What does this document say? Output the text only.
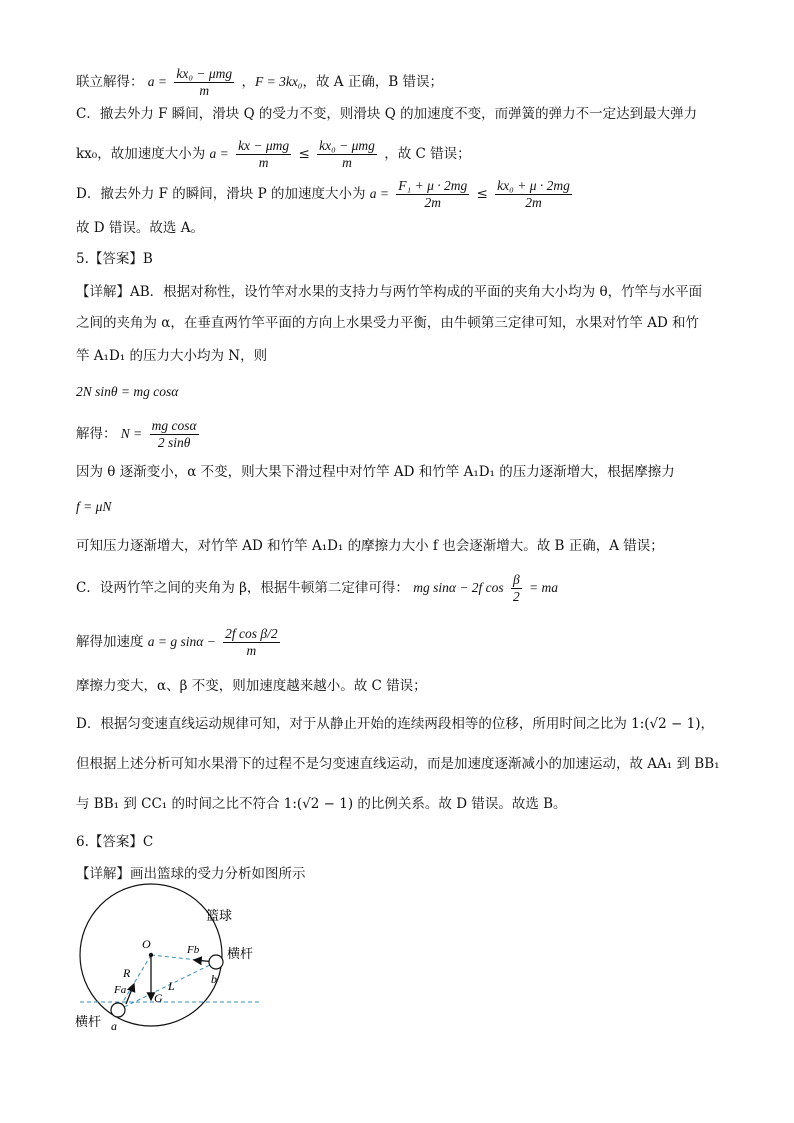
联立解得： $a = \frac{\text{kx₀ − μmg}}{m}$ ，F = 3kx₀，故 A 正确，B 错误；
C．撤去外力 F 瞬间，滑块 Q 的受力不变，则滑块 Q 的加速度不变，而弹簧的弹力不一定达到最大弹力
kx₀，故加速度大小为 $a = \frac{\text{kx − μmg}}{m} \le \frac{\text{kx₀ − μmg}}{m}$ ，故 C 错误；
D．撤去外力 F 的瞬间，滑块 P 的加速度大小为 $a = \frac{\text{F₁ + μ · 2mg}}{2m} \le \frac{\text{kx₀ + μ · 2mg}}{2m}$
故 D 错误。故选 A。
5.【答案】B
【详解】AB．根据对称性，设竹竿对水果的支持力与两竹竿构成的平面的夹角大小均为 θ，竹竿与水平面
之间的夹角为 α，在垂直两竹竿平面的方向上水果受力平衡，由牛顿第三定律可知，水果对竹竿 AD 和竹
竿 A₁D₁ 的压力大小均为 N，则
2N sinθ = mg cosα
解得： $N = \frac{\text{mg cosα}}{2 \sin\theta}$
因为 θ 逐渐变小，α 不变，则大果下滑过程中对竹竿 AD 和竹竿 A₁D₁ 的压力逐渐增大，根据摩擦力
f = μN
可知压力逐渐增大，对竹竿 AD 和竹竿 A₁D₁ 的摩擦力大小 f 也会逐渐增大。故 B 正确，A 错误；
C．设两竹竿之间的夹角为 β，根据牛顿第二定律可得： mg sinα − 2f $\cos \frac{\beta}{2}$ = ma
解得加速度 a = g $\sin\alpha - \frac{\text{2f cos β/2}}{m}$
摩擦力变大，α、β 不变，则加速度越来越小。故 C 错误；
D．根据匀变速直线运动规律可知，对于从静止开始的连续两段相等的位移，所用时间之比为 1:(√2 − 1)，
但根据上述分析可知水果滑下的过程不是匀变速直线运动，而是加速度逐渐减小的加速运动，故 AA₁ 到 BB₁
与 BB₁ 到 CC₁ 的时间之比不符合 1:(√2 − 1) 的比例关系。故 D 错误。故选 B。
6.【答案】C
【详解】画出篮球的受力分析如图所示
篮球
横杆
横杆
O	Fb
b
R
Fa	L
G
a
